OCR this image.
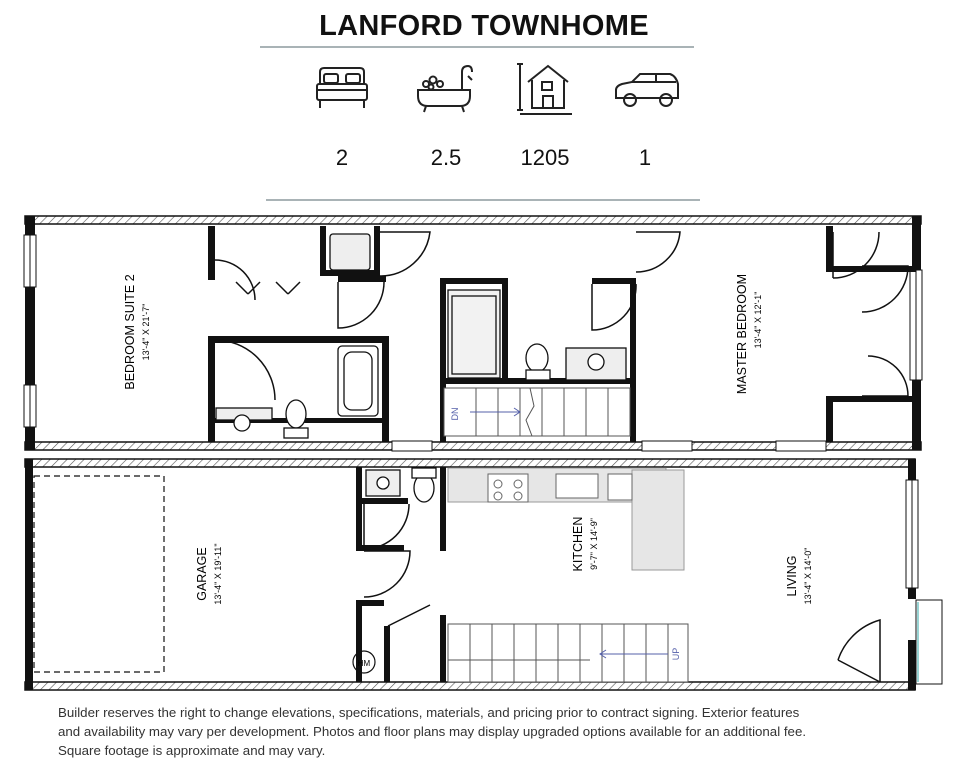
LANFORD TOWNHOME
2	2.5	1205	1
DN
BEDROOM SUITE 2 13'-4" X 21'-7"	MASTER BEDROOM 13'-4" X 12'-1"
UP
HM
GARAGE 13'-4" X 19'-11"	KITCHEN 9'-7" X 14'-9"
LIVING 13'-4" X 14'-0"
Builder reserves the right to change elevations, specifications, materials, and pricing prior to contract signing. Exterior features
and availability may vary per development. Photos and floor plans may display upgraded options available for an additional fee.
Square footage is approximate and may vary.
